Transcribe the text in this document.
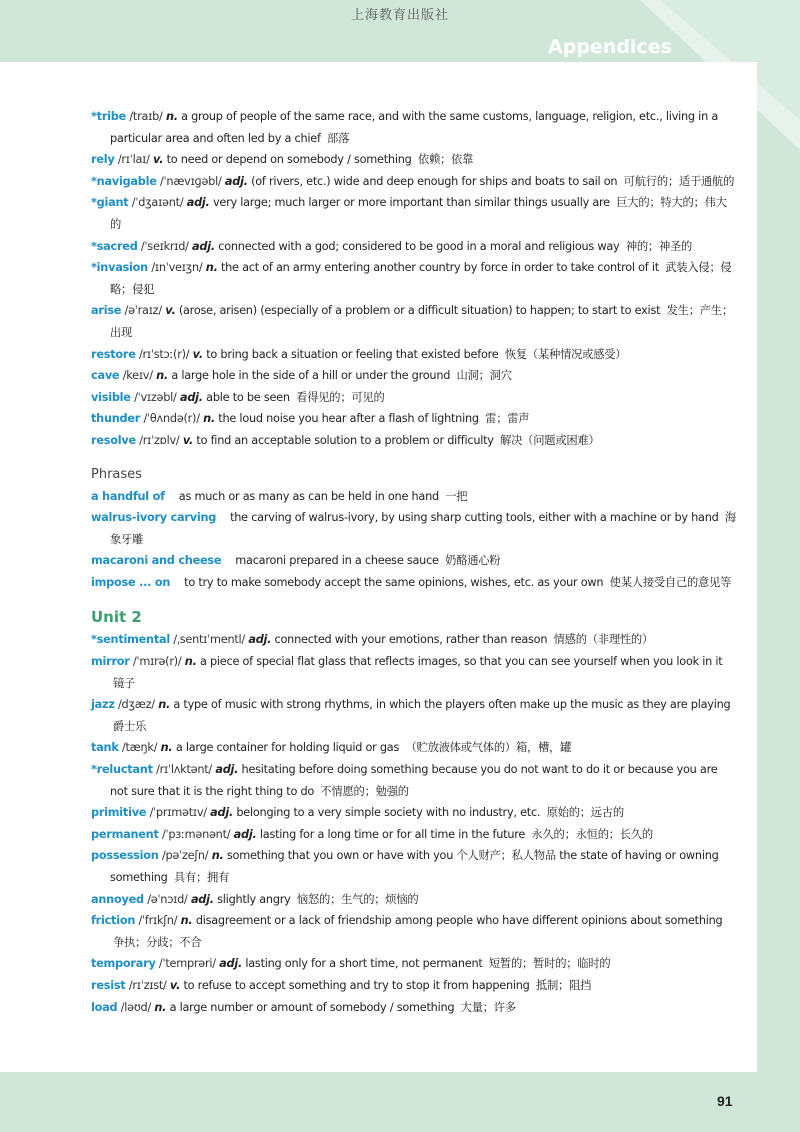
上海教育出版社
Appendices
*tribe /traɪb/ n. a group of people of the same race, and with the same customs, language, religion, etc., living in a particular area and often led by a chief 部落
rely /rɪˈlaɪ/ v. to need or depend on somebody / something 依赖；依靠
*navigable /ˈnævɪɡəbl/ adj. (of rivers, etc.) wide and deep enough for ships and boats to sail on 可航行的；适于通航的
*giant /ˈdʒaɪənt/ adj. very large; much larger or more important than similar things usually are 巨大的；特大的；伟大的
*sacred /ˈseɪkrɪd/ adj. connected with a god; considered to be good in a moral and religious way 神的；神圣的
*invasion /ɪnˈveɪʒn/ n. the act of an army entering another country by force in order to take control of it 武装入侵；侵略；侵犯
arise /əˈraɪz/ v. (arose, arisen) (especially of a problem or a difficult situation) to happen; to start to exist 发生；产生；出现
restore /rɪˈstɔː(r)/ v. to bring back a situation or feeling that existed before 恢复（某种情况或感受）
cave /keɪv/ n. a large hole in the side of a hill or under the ground 山洞；洞穴
visible /ˈvɪzəbl/ adj. able to be seen 看得见的；可见的
thunder /ˈθʌndə(r)/ n. the loud noise you hear after a flash of lightning 雷；雷声
resolve /rɪˈzɒlv/ v. to find an acceptable solution to a problem or difficulty 解决（问题或困难）
Phrases
a handful of as much or as many as can be held in one hand 一把
walrus-ivory carving the carving of walrus-ivory, by using sharp cutting tools, either with a machine or by hand 海象牙雕
macaroni and cheese macaroni prepared in a cheese sauce 奶酪通心粉
impose ... on to try to make somebody accept the same opinions, wishes, etc. as your own 使某人接受自己的意见等
Unit 2
*sentimental /ˌsentɪˈmentl/ adj. connected with your emotions, rather than reason 情感的（非理性的）
mirror /ˈmɪrə(r)/ n. a piece of special flat glass that reflects images, so that you can see yourself when you look in it 镜子
jazz /dʒæz/ n. a type of music with strong rhythms, in which the players often make up the music as they are playing 爵士乐
tank /tæŋk/ n. a large container for holding liquid or gas （贮放液体或气体的）箱，槽，罐
*reluctant /rɪˈlʌktənt/ adj. hesitating before doing something because you do not want to do it or because you are not sure that it is the right thing to do 不情愿的；勉强的
primitive /ˈprɪmətɪv/ adj. belonging to a very simple society with no industry, etc. 原始的；远古的
permanent /ˈpɜːmənənt/ adj. lasting for a long time or for all time in the future 永久的；永恒的；长久的
possession /pəˈzeʃn/ n. something that you own or have with you 个人财产；私人物品 the state of having or owning something 具有；拥有
annoyed /əˈnɔɪd/ adj. slightly angry 恼怒的；生气的；烦恼的
friction /ˈfrɪkʃn/ n. disagreement or a lack of friendship among people who have different opinions about something 争执；分歧；不合
temporary /ˈtemprəri/ adj. lasting only for a short time, not permanent 短暂的；暂时的；临时的
resist /rɪˈzɪst/ v. to refuse to accept something and try to stop it from happening 抵制；阻挡
load /ləʊd/ n. a large number or amount of somebody / something 大量；许多
91
